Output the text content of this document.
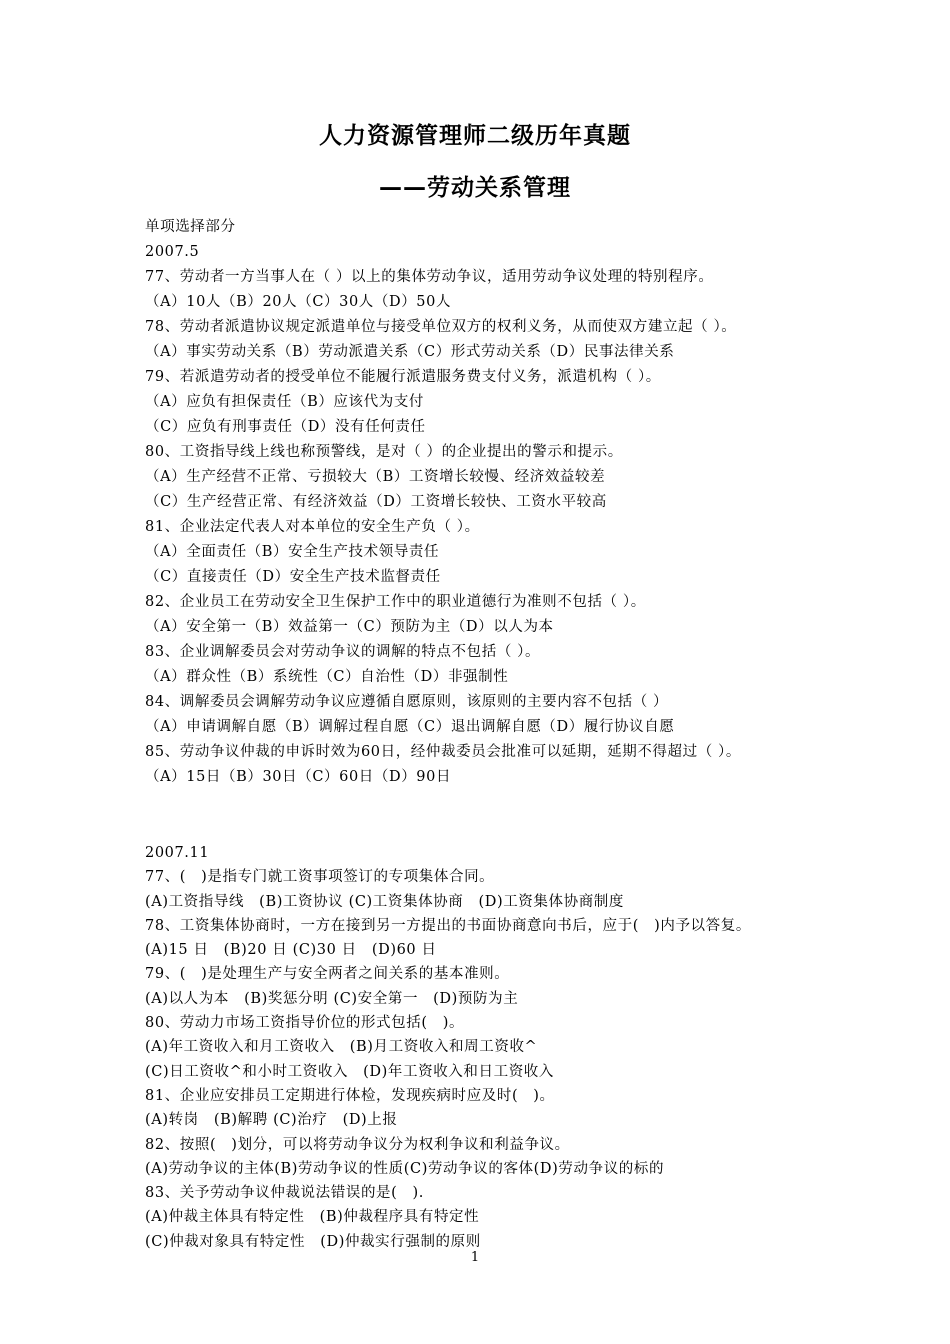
人力资源管理师二级历年真题
——劳动关系管理
单项选择部分
2007.5
77、劳动者一方当事人在（ ）以上的集体劳动争议，适用劳动争议处理的特别程序。
（A）10人（B）20人（C）30人（D）50人
78、劳动者派遣协议规定派遣单位与接受单位双方的权利义务，从而使双方建立起（ ）。
（A）事实劳动关系（B）劳动派遣关系（C）形式劳动关系（D）民事法律关系
79、若派遣劳动者的授受单位不能履行派遣服务费支付义务，派遣机构（ ）。
（A）应负有担保责任（B）应该代为支付
（C）应负有刑事责任（D）没有任何责任
80、工资指导线上线也称预警线，是对（ ）的企业提出的警示和提示。
（A）生产经营不正常、亏损较大（B）工资增长较慢、经济效益较差
（C）生产经营正常、有经济效益（D）工资增长较快、工资水平较高
81、企业法定代表人对本单位的安全生产负（ ）。
（A）全面责任（B）安全生产技术领导责任
（C）直接责任（D）安全生产技术监督责任
82、企业员工在劳动安全卫生保护工作中的职业道德行为准则不包括（ ）。
（A）安全第一（B）效益第一（C）预防为主（D）以人为本
83、企业调解委员会对劳动争议的调解的特点不包括（ ）。
（A）群众性（B）系统性（C）自治性（D）非强制性
84、调解委员会调解劳动争议应遵循自愿原则，该原则的主要内容不包括（ ）
（A）申请调解自愿（B）调解过程自愿（C）退出调解自愿（D）履行协议自愿
85、劳动争议仲裁的申诉时效为60日，经仲裁委员会批准可以延期，延期不得超过（ ）。
（A）15日（B）30日（C）60日（D）90日
2007.11
77、(　)是指专门就工资事项签订的专项集体合同。
(A)工资指导线　(B)工资协议 (C)工资集体协商　(D)工资集体协商制度
78、工资集体协商时，一方在接到另一方提出的书面协商意向书后，应于(　)内予以答复。
(A)15 日　(B)20 日 (C)30 日　(D)60 日
79、(　)是处理生产与安全两者之间关系的基本准则。
(A)以人为本　(B)奖惩分明 (C)安全第一　(D)预防为主
80、劳动力市场工资指导价位的形式包括(　)。
(A)年工资收入和月工资收入　(B)月工资收入和周工资收^
(C)日工资收^和小时工资收入　(D)年工资收入和日工资收入
81、企业应安排员工定期进行体检，发现疾病时应及时(　)。
(A)转岗　(B)解聘 (C)治疗　(D)上报
82、按照(　)划分，可以将劳动争议分为权利争议和利益争议。
(A)劳动争议的主体(B)劳动争议的性质(C)劳动争议的客体(D)劳动争议的标的
83、关予劳动争议仲裁说法错误的是(　).
(A)仲裁主体具有特定性　(B)仲裁程序具有特定性
(C)仲裁对象具有特定性　(D)仲裁实行强制的原则
1
